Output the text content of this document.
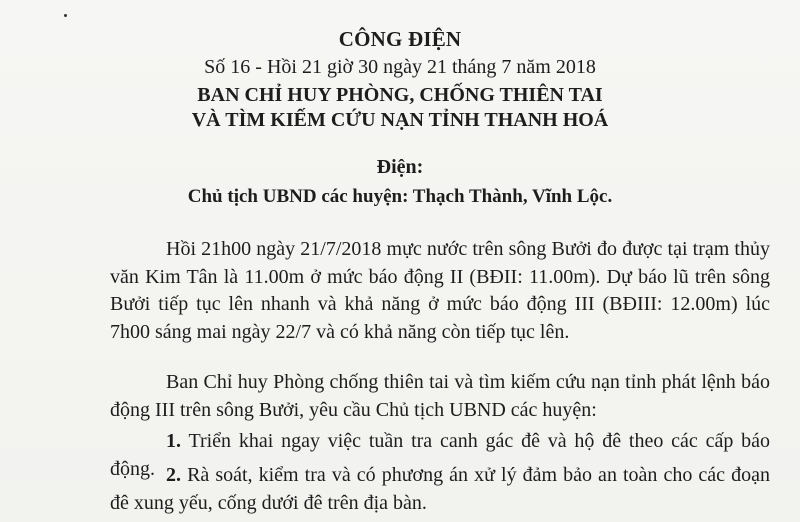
CÔNG ĐIỆN
Số 16 - Hồi 21 giờ 30 ngày 21 tháng 7 năm 2018
BAN CHỈ HUY PHÒNG, CHỐNG THIÊN TAI
VÀ TÌM KIẾM CỨU NẠN TỈNH THANH HOÁ
Điện:
Chủ tịch UBND các huyện: Thạch Thành, Vĩnh Lộc.
Hồi 21h00 ngày 21/7/2018 mực nước trên sông Bưởi đo được tại trạm thủy văn Kim Tân là 11.00m ở mức báo động II (BĐII: 11.00m). Dự báo lũ trên sông Bưởi tiếp tục lên nhanh và khả năng ở mức báo động III (BĐIII: 12.00m) lúc 7h00 sáng mai ngày 22/7 và có khả năng còn tiếp tục lên.
Ban Chỉ huy Phòng chống thiên tai và tìm kiếm cứu nạn tỉnh phát lệnh báo động III trên sông Bưởi, yêu cầu Chủ tịch UBND các huyện:
1. Triển khai ngay việc tuần tra canh gác đê và hộ đê theo các cấp báo động. 2. Rà soát, kiểm tra và có phương án xử lý đảm bảo an toàn cho các đoạn đê xung yếu, cống dưới đê trên địa bàn.
